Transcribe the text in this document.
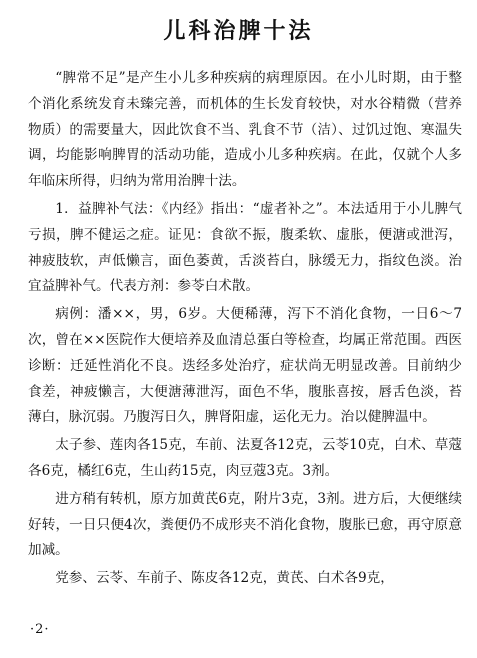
儿科治脾十法

“脾常不足”是产生小儿多种疾病的病理原因。在小儿时期，由于整个消化系统发育未臻完善，而机体的生长发育较快，对水谷精微（营养物质）的需要量大，因此饮食不当、乳食不节（洁）、过饥过饱、寒温失调，均能影响脾胃的活动功能，造成小儿多种疾病。在此，仅就个人多年临床所得，归纳为常用治脾十法。

1．益脾补气法：《内经》指出：“虚者补之”。本法适用于小儿脾气亏损，脾不健运之症。证见：食欲不振，腹柔软、虚胀，便溏或泄泻，神疲肢软，声低懒言，面色萎黄，舌淡苔白，脉缓无力，指纹色淡。治宜益脾补气。代表方剂：参苓白术散。

病例：潘××，男，6岁。大便稀薄，泻下不消化食物，一日6～7次，曾在××医院作大便培养及血清总蛋白等检查，均属正常范围。西医诊断：迁延性消化不良。迭经多处治疗，症状尚无明显改善。目前纳少食差，神疲懒言，大便溏薄泄泻，面色不华，腹胀喜按，唇舌色淡，苔薄白，脉沉弱。乃腹泻日久，脾肾阳虚，运化无力。治以健脾温中。

太子参、莲肉各15克，车前、法夏各12克，云苓10克，白术、草蔻各6克，橘红6克，生山药15克，肉豆蔻3克。3剂。

进方稍有转机，原方加黄芪6克，附片3克，3剂。进方后，大便继续好转，一日只便4次，粪便仍不成形夹不消化食物，腹胀已愈，再守原意加减。

党参、云苓、车前子、陈皮各12克，黄芪、白术各9克，

·2·
